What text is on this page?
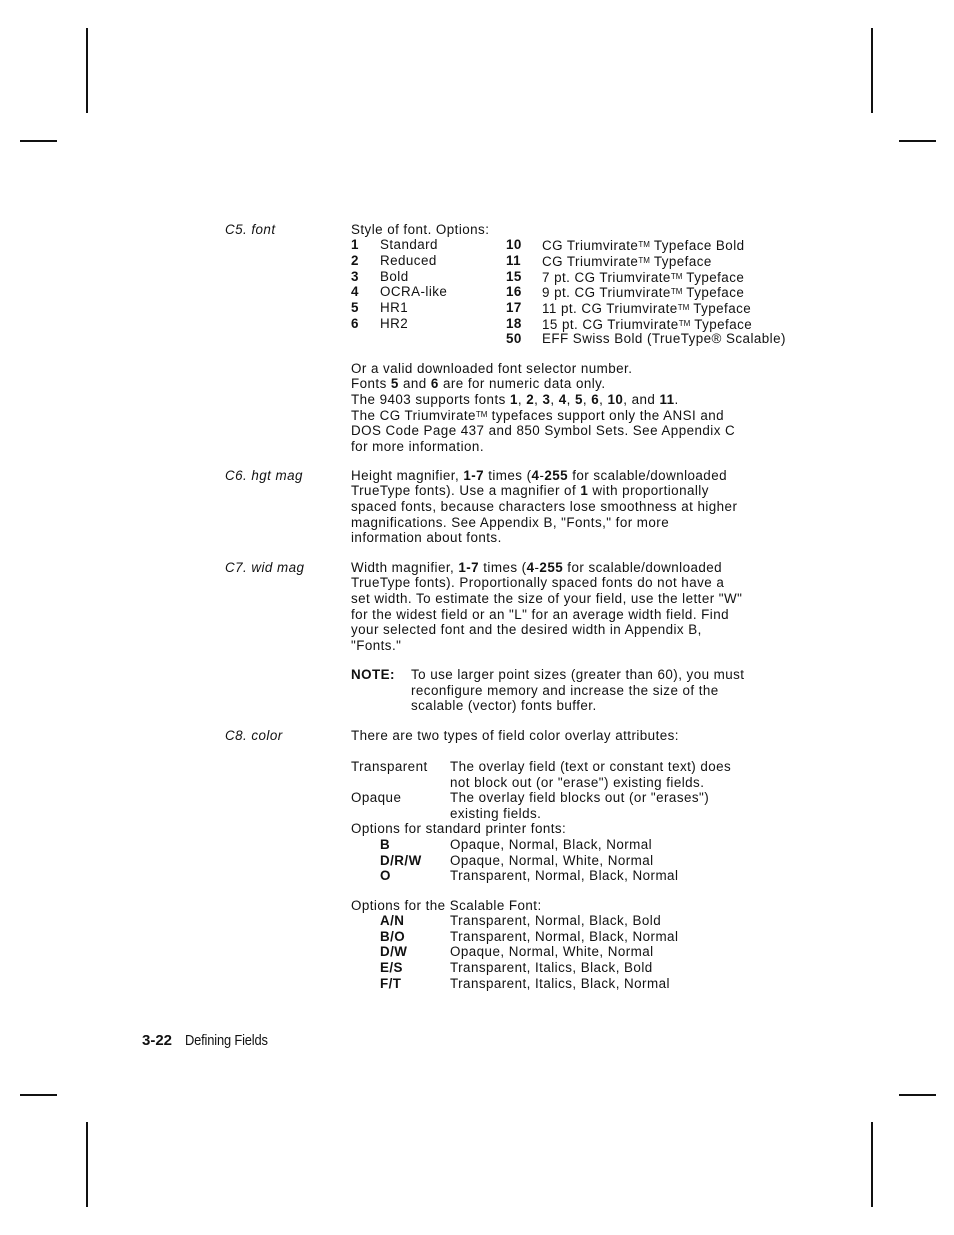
C5. font	Style of font. Options:
1 Standard
2 Reduced
3 Bold
4 OCRA-like
5 HR1
6 HR2
10 CG Triumvirate™ Typeface Bold
11 CG Triumvirate™ Typeface
15 7 pt. CG Triumvirate™ Typeface
16 9 pt. CG Triumvirate™ Typeface
17 11 pt. CG Triumvirate™ Typeface
18 15 pt. CG Triumvirate™ Typeface
50 EFF Swiss Bold (TrueType® Scalable)
Or a valid downloaded font selector number.
Fonts 5 and 6 are for numeric data only.
The 9403 supports fonts 1, 2, 3, 4, 5, 6, 10, and 11.
The CG Triumvirate™ typefaces support only the ANSI and
DOS Code Page 437 and 850 Symbol Sets. See Appendix C
for more information.
C6. hgt mag	Height magnifier, 1-7 times (4-255 for scalable/downloaded
TrueType fonts). Use a magnifier of 1 with proportionally
spaced fonts, because characters lose smoothness at higher
magnifications. See Appendix B, "Fonts," for more
information about fonts.
C7. wid mag	Width magnifier, 1-7 times (4-255 for scalable/downloaded
TrueType fonts). Proportionally spaced fonts do not have a
set width. To estimate the size of your field, use the letter "W"
for the widest field or an "L" for an average width field. Find
your selected font and the desired width in Appendix B,
"Fonts."
NOTE: To use larger point sizes (greater than 60), you must
reconfigure memory and increase the size of the
scalable (vector) fonts buffer.
C8. color	There are two types of field color overlay attributes:
Transparent The overlay field (text or constant text) does
not block out (or "erase") existing fields.
Opaque	The overlay field blocks out (or "erases")
existing fields.
Options for standard printer fonts:
B	Opaque, Normal, Black, Normal
D/R/W Opaque, Normal, White, Normal
O	Transparent, Normal, Black, Normal
Options for the Scalable Font:
A/N	Transparent, Normal, Black, Bold
B/O	Transparent, Normal, Black, Normal
D/W	Opaque, Normal, White, Normal
E/S	Transparent, Italics, Black, Bold
F/T	Transparent, Italics, Black, Normal
3-22 Defining Fields
